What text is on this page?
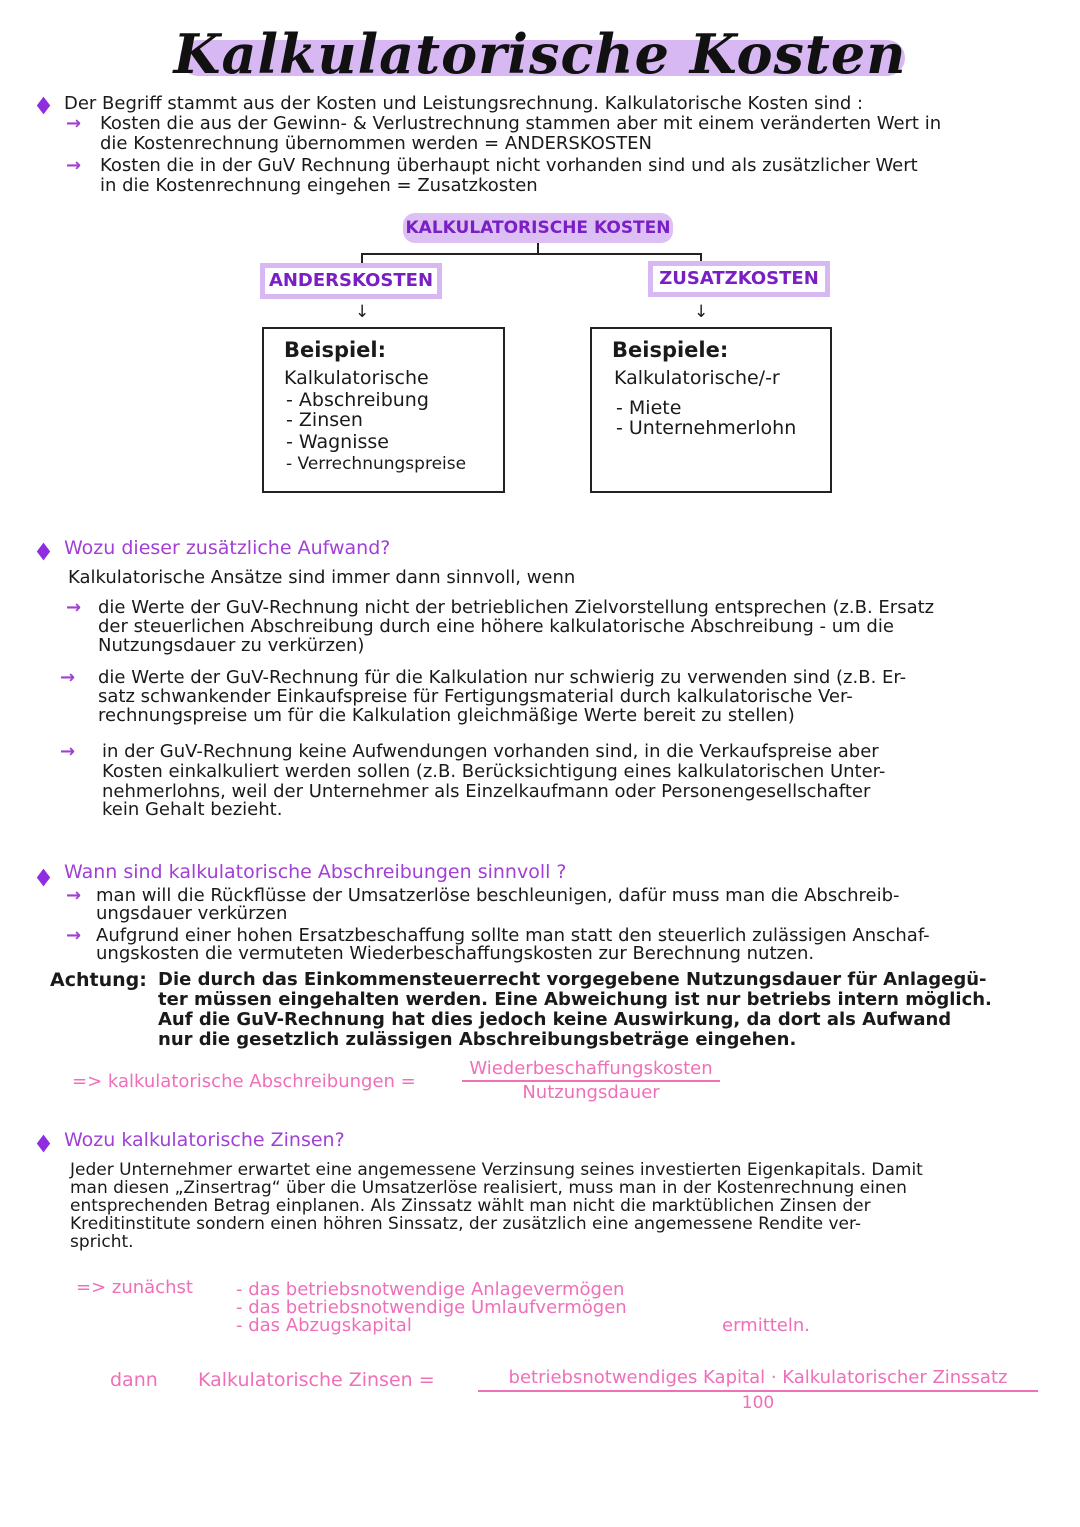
Kalkulatorische Kosten
Der Begriff stammt aus der Kosten und Leistungsrechnung. Kalkulatorische Kosten sind :
→ Kosten die aus der Gewinn- & Verlustrechnung stammen aber mit einem veränderten Wert in
die Kostenrechnung übernommen werden = ANDERSKOSTEN
→ Kosten die in der GuV Rechnung überhaupt nicht vorhanden sind und als zusätzlicher Wert
in die Kostenrechnung eingehen = Zusatzkosten
KALKULATORISCHE KOSTEN
ANDERSKOSTEN	ZUSATZKOSTEN
↓	↓
Beispiel:
Kalkulatorische
- Abschreibung
- Zinsen
- Wagnisse
- Verrechnungspreise
Beispiele:
Kalkulatorische/-r
- Miete
- Unternehmerlohn
Wozu dieser zusätzliche Aufwand?
Kalkulatorische Ansätze sind immer dann sinnvoll, wenn
→ die Werte der GuV-Rechnung nicht der betrieblichen Zielvorstellung entsprechen (z.B. Ersatz
der steuerlichen Abschreibung durch eine höhere kalkulatorische Abschreibung - um die
Nutzungsdauer zu verkürzen)
→ die Werte der GuV-Rechnung für die Kalkulation nur schwierig zu verwenden sind (z.B. Er-
satz schwankender Einkaufspreise für Fertigungsmaterial durch kalkulatorische Ver-
rechnungspreise um für die Kalkulation gleichmäßige Werte bereit zu stellen)
→ in der GuV-Rechnung keine Aufwendungen vorhanden sind, in die Verkaufspreise aber
Kosten einkalkuliert werden sollen (z.B. Berücksichtigung eines kalkulatorischen Unter-
nehmerlohns, weil der Unternehmer als Einzelkaufmann oder Personengesellschafter
kein Gehalt bezieht.
Wann sind kalkulatorische Abschreibungen sinnvoll ?
→ man will die Rückflüsse der Umsatzerlöse beschleunigen, dafür muss man die Abschreib-
ungsdauer verkürzen
→ Aufgrund einer hohen Ersatzbeschaffung sollte man statt den steuerlich zulässigen Anschaf-
ungskosten die vermuteten Wiederbeschaffungskosten zur Berechnung nutzen.
Achtung: Die durch das Einkommensteuerrecht vorgegebene Nutzungsdauer für Anlagegü-
ter müssen eingehalten werden. Eine Abweichung ist nur betriebs intern möglich.
Auf die GuV-Rechnung hat dies jedoch keine Auswirkung, da dort als Aufwand
nur die gesetzlich zulässigen Abschreibungsbeträge eingehen.
=> kalkulatorische Abschreibungen =
Wiederbeschaffungskosten
Nutzungsdauer
Wozu kalkulatorische Zinsen?
Jeder Unternehmer erwartet eine angemessene Verzinsung seines investierten Eigenkapitals. Damit
man diesen „Zinsertrag“ über die Umsatzerlöse realisiert, muss man in der Kostenrechnung einen
entsprechenden Betrag einplanen. Als Zinssatz wählt man nicht die marktüblichen Zinsen der
Kreditinstitute sondern einen höhren Sinssatz, der zusätzlich eine angemessene Rendite ver-
spricht.
=> zunächst - das betriebsnotwendige Anlagevermögen
- das betriebsnotwendige Umlaufvermögen
- das Abzugskapital	ermitteln.
dann Kalkulatorische Zinsen =	betriebsnotwendiges Kapital · Kalkulatorischer Zinssatz
100
